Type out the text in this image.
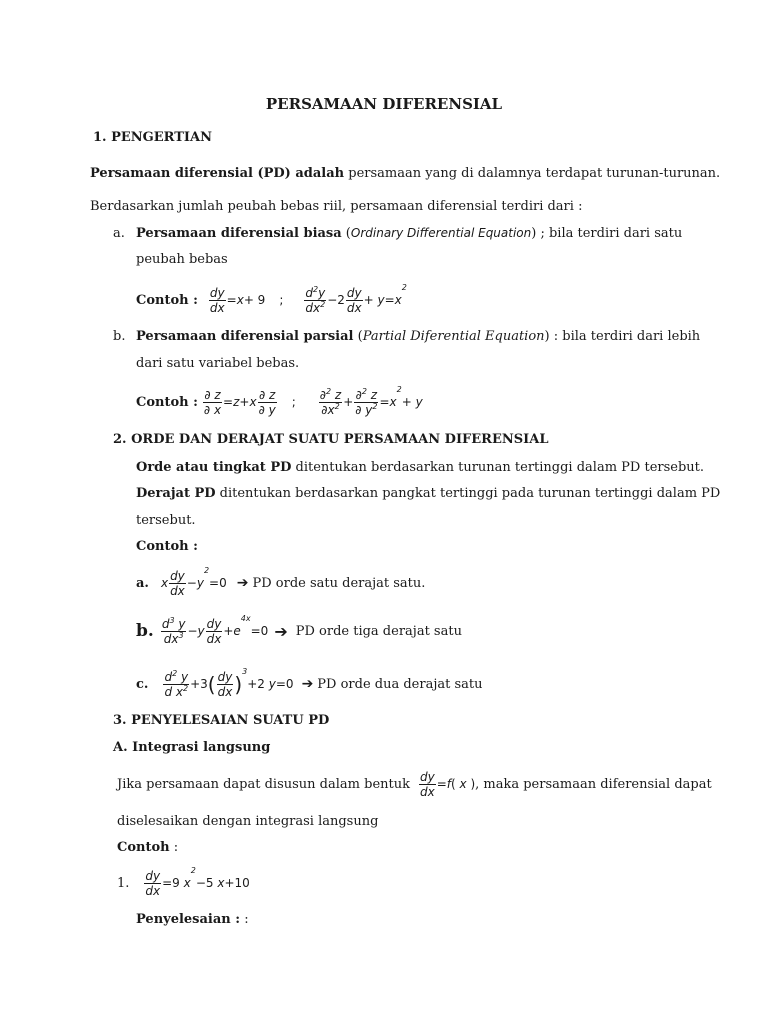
PERSAMAAN DIFERENSIAL
1. PENGERTIAN
Persamaan diferensial (PD) adalah persamaan yang di dalamnya terdapat turunan-turunan.
Berdasarkan jumlah peubah bebas riil, persamaan diferensial terdiri dari :
a. Persamaan diferensial biasa (Ordinary Differential Equation) ; bila terdiri dari satu
peubah bebas
Contoh : $\frac{dy}{dx} =x+ 9$ ; $\frac{d^2y}{dx^2} -2 \frac{dy}{dx} + y=x^2$
b. Persamaan diferensial parsial (Partial Diferential Equation) : bila terdiri dari lebih
dari satu variabel bebas.
Contoh : $\frac{\partial z}{\partial x} =z+x \frac{\partial z}{\partial y}$ ; $\frac{\partial^2 z}{\partial x^2} + \frac{\partial^2 z}{\partial y^2} =x^2+ y$
2. ORDE DAN DERAJAT SUATU PERSAMAAN DIFERENSIAL
Orde atau tingkat PD ditentukan berdasarkan turunan tertinggi dalam PD tersebut.
Derajat PD ditentukan berdasarkan pangkat tertinggi pada turunan tertinggi dalam PD
tersebut.
Contoh :
a. x $\frac{dy}{dx} -y^2=0$ ➔ PD orde satu derajat satu.
b. $\frac{d^3 y}{dx^3} -y \frac{dy}{dx} +e^{4x}=0$ ➔ PD orde tiga derajat satu
c. $\frac{d^2 y}{d x^2} +3( \frac{dy}{dx} )^3+2$ y=0 ➔ PD orde dua derajat satu
3. PENYELESAIAN SUATU PD
A. Integrasi langsung
Jika persamaan dapat disusun dalam bentuk $\frac{dy}{dx} =f$( x ) , maka persamaan diferensial dapat
diselesaikan dengan integrasi langsung
Contoh :
1. $\frac{dy}{dx} =9$ $x^2-5$ x+10
Penyelesaian : :
